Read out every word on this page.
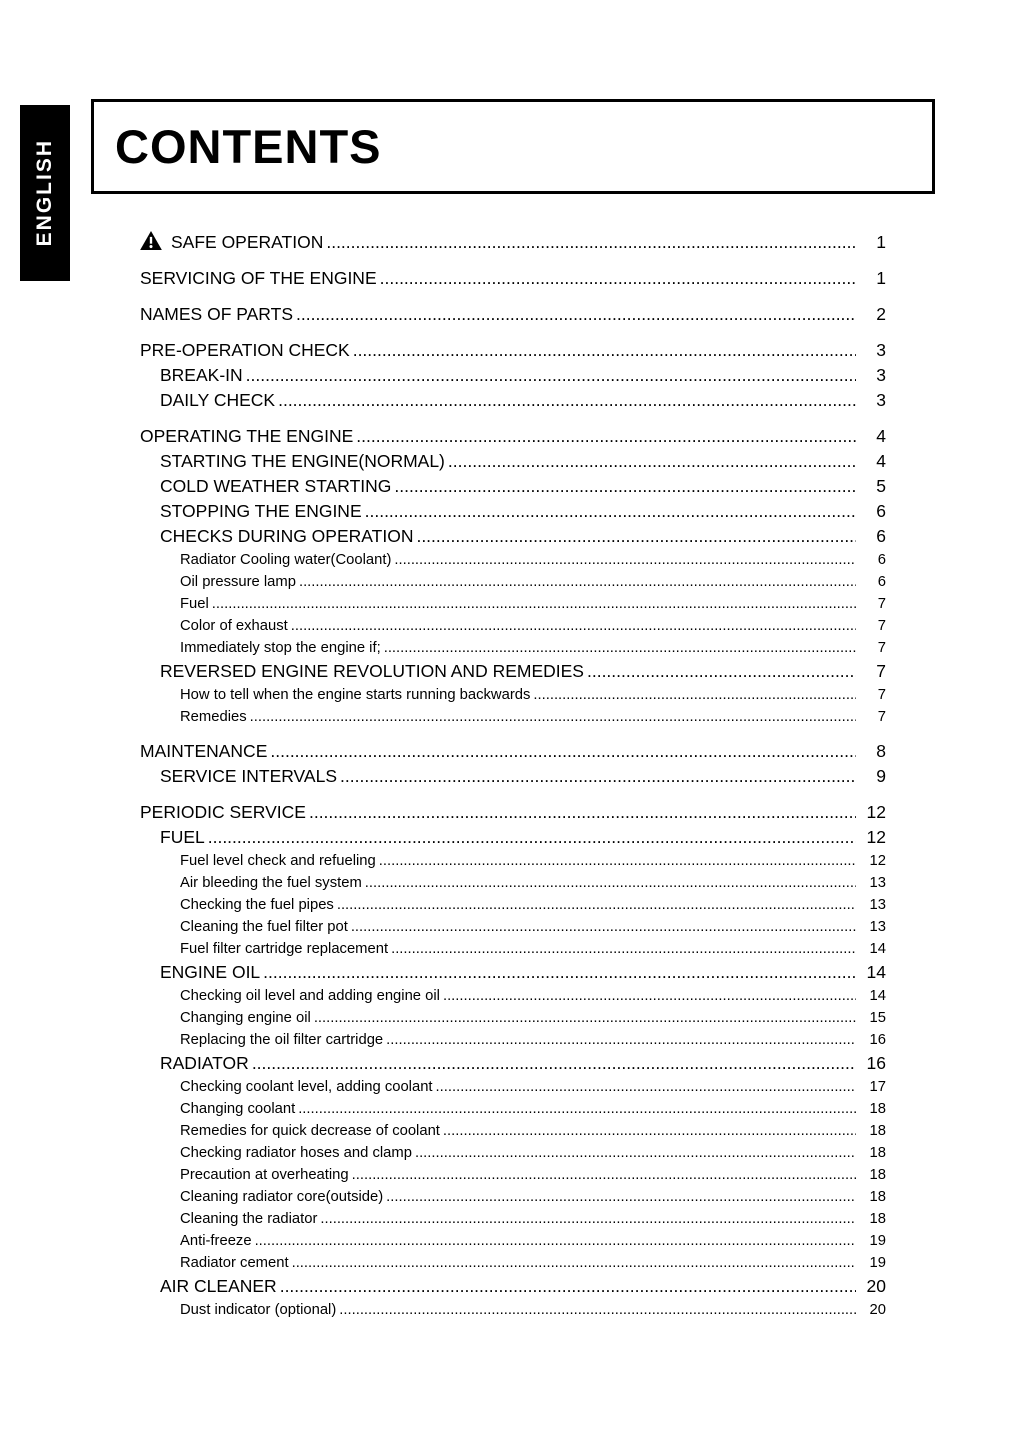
ENGLISH CONTENTS
SAFE OPERATION .....	1
SERVICING OF THE ENGINE .....	1
NAMES OF PARTS .....	2
PRE-OPERATION CHECK .....	3
BREAK-IN .....	3
DAILY CHECK .....	3
OPERATING THE ENGINE .....	4
STARTING THE ENGINE(NORMAL) .....	4
COLD WEATHER STARTING .....	5
STOPPING THE ENGINE .....	6
CHECKS DURING OPERATION .....	6
Radiator Cooling water(Coolant) .....	6
Oil pressure lamp .....	6
Fuel .....	7
Color of exhaust .....	7
Immediately stop the engine if; .....	7
REVERSED ENGINE REVOLUTION AND REMEDIES .....	7
How to tell when the engine starts running backwards .....	7
Remedies .....	7
MAINTENANCE .....	8
SERVICE INTERVALS .....	9
PERIODIC SERVICE .....	12
FUEL .....	12
Fuel level check and refueling .....	12
Air bleeding the fuel system .....	13
Checking the fuel pipes .....	13
Cleaning the fuel filter pot .....	13
Fuel filter cartridge replacement .....	14
ENGINE OIL .....	14
Checking oil level and adding engine oil .....	14
Changing engine oil .....	15
Replacing the oil filter cartridge .....	16
RADIATOR .....	16
Checking coolant level, adding coolant .....	17
Changing coolant .....	18
Remedies for quick decrease of coolant .....	18
Checking radiator hoses and clamp .....	18
Precaution at overheating .....	18
Cleaning radiator core(outside) .....	18
Cleaning the radiator .....	18
Anti-freeze .....	19
Radiator cement .....	19
AIR CLEANER .....	20
Dust indicator (optional) .....	20
